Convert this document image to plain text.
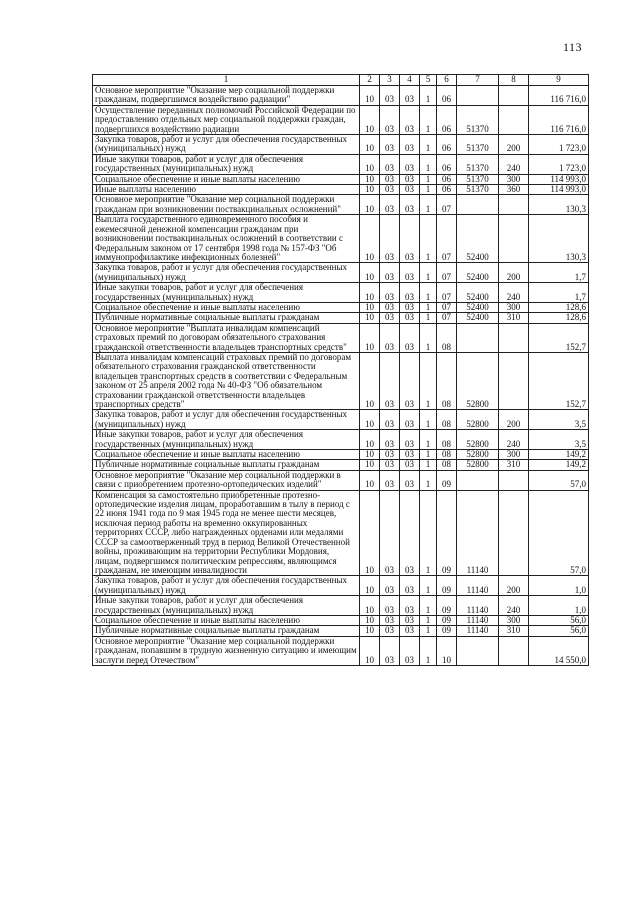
113
1	2	3	4	5	6	7	8	9
Основное мероприятие "Оказание мер социальной поддержки гражданам, подвергшимся воздействию радиации"	10	03	03	1	06			116 716,0
Осуществление переданных полномочий Российской Федерации по предоставлению отдельных мер социальной поддержки граждан, подвергшихся воздействию радиации	10	03	03	1	06	51370		116 716,0
Закупка товаров, работ и услуг для обеспечения государственных (муниципальных) нужд	10	03	03	1	06	51370	200	1 723,0
Иные закупки товаров, работ и услуг для обеспечения государственных (муниципальных) нужд	10	03	03	1	06	51370	240	1 723,0
Социальное обеспечение и иные выплаты населению	10	03	03	1	06	51370	300	114 993,0
Иные выплаты населению	10	03	03	1	06	51370	360	114 993,0
Основное мероприятие "Оказание мер социальной поддержки гражданам при возникновении поствакцинальных осложнений"	10	03	03	1	07			130,3
Выплата государственного единовременного пособия и ежемесячной денежной компенсации гражданам при возникновении поствакцинальных осложнений в соответствии с Федеральным законом от 17 сентября 1998 года № 157-ФЗ "Об иммунопрофилактике инфекционных болезней"	10	03	03	1	07	52400		130,3
Закупка товаров, работ и услуг для обеспечения государственных (муниципальных) нужд	10	03	03	1	07	52400	200	1,7
Иные закупки товаров, работ и услуг для обеспечения государственных (муниципальных) нужд	10	03	03	1	07	52400	240	1,7
Социальное обеспечение и иные выплаты населению	10	03	03	1	07	52400	300	128,6
Публичные нормативные социальные выплаты гражданам	10	03	03	1	07	52400	310	128,6
Основное мероприятие "Выплата инвалидам компенсаций страховых премий по договорам обязательного страхования гражданской ответственности владельцев транспортных средств"	10	03	03	1	08			152,7
Выплата инвалидам компенсаций страховых премий по договорам обязательного страхования гражданской ответственности владельцев транспортных средств в соответствии с Федеральным законом от 25 апреля 2002 года № 40-ФЗ "Об обязательном страховании гражданской ответственности владельцев транспортных средств"	10	03	03	1	08	52800		152,7
Закупка товаров, работ и услуг для обеспечения государственных (муниципальных) нужд	10	03	03	1	08	52800	200	3,5
Иные закупки товаров, работ и услуг для обеспечения государственных (муниципальных) нужд	10	03	03	1	08	52800	240	3,5
Социальное обеспечение и иные выплаты населению	10	03	03	1	08	52800	300	149,2
Публичные нормативные социальные выплаты гражданам	10	03	03	1	08	52800	310	149,2
Основное мероприятие "Оказание мер социальной поддержки в связи с приобретением протезно-ортопедических изделий"	10	03	03	1	09			57,0
Компенсация за самостоятельно приобретенные протезно-ортопедические изделия лицам, проработавшим в тылу в период с 22 июня 1941 года по 9 мая 1945 года не менее шести месяцев, исключая период работы на временно оккупированных территориях СССР, либо награжденных орденами или медалями СССР за самоотверженный труд в период Великой Отечественной войны, проживающим на территории Республики Мордовия, лицам, подвергшимся политическим репрессиям, являющимся гражданам, не имеющим инвалидности	10	03	03	1	09	11140		57,0
Закупка товаров, работ и услуг для обеспечения государственных (муниципальных) нужд	10	03	03	1	09	11140	200	1,0
Иные закупки товаров, работ и услуг для обеспечения государственных (муниципальных) нужд	10	03	03	1	09	11140	240	1,0
Социальное обеспечение и иные выплаты населению	10	03	03	1	09	11140	300	56,0
Публичные нормативные социальные выплаты гражданам	10	03	03	1	09	11140	310	56,0
Основное мероприятие "Оказание мер социальной поддержки гражданам, попавшим в трудную жизненную ситуацию и имеющим заслуги перед Отечеством"	10	03	03	1	10			14 550,0
